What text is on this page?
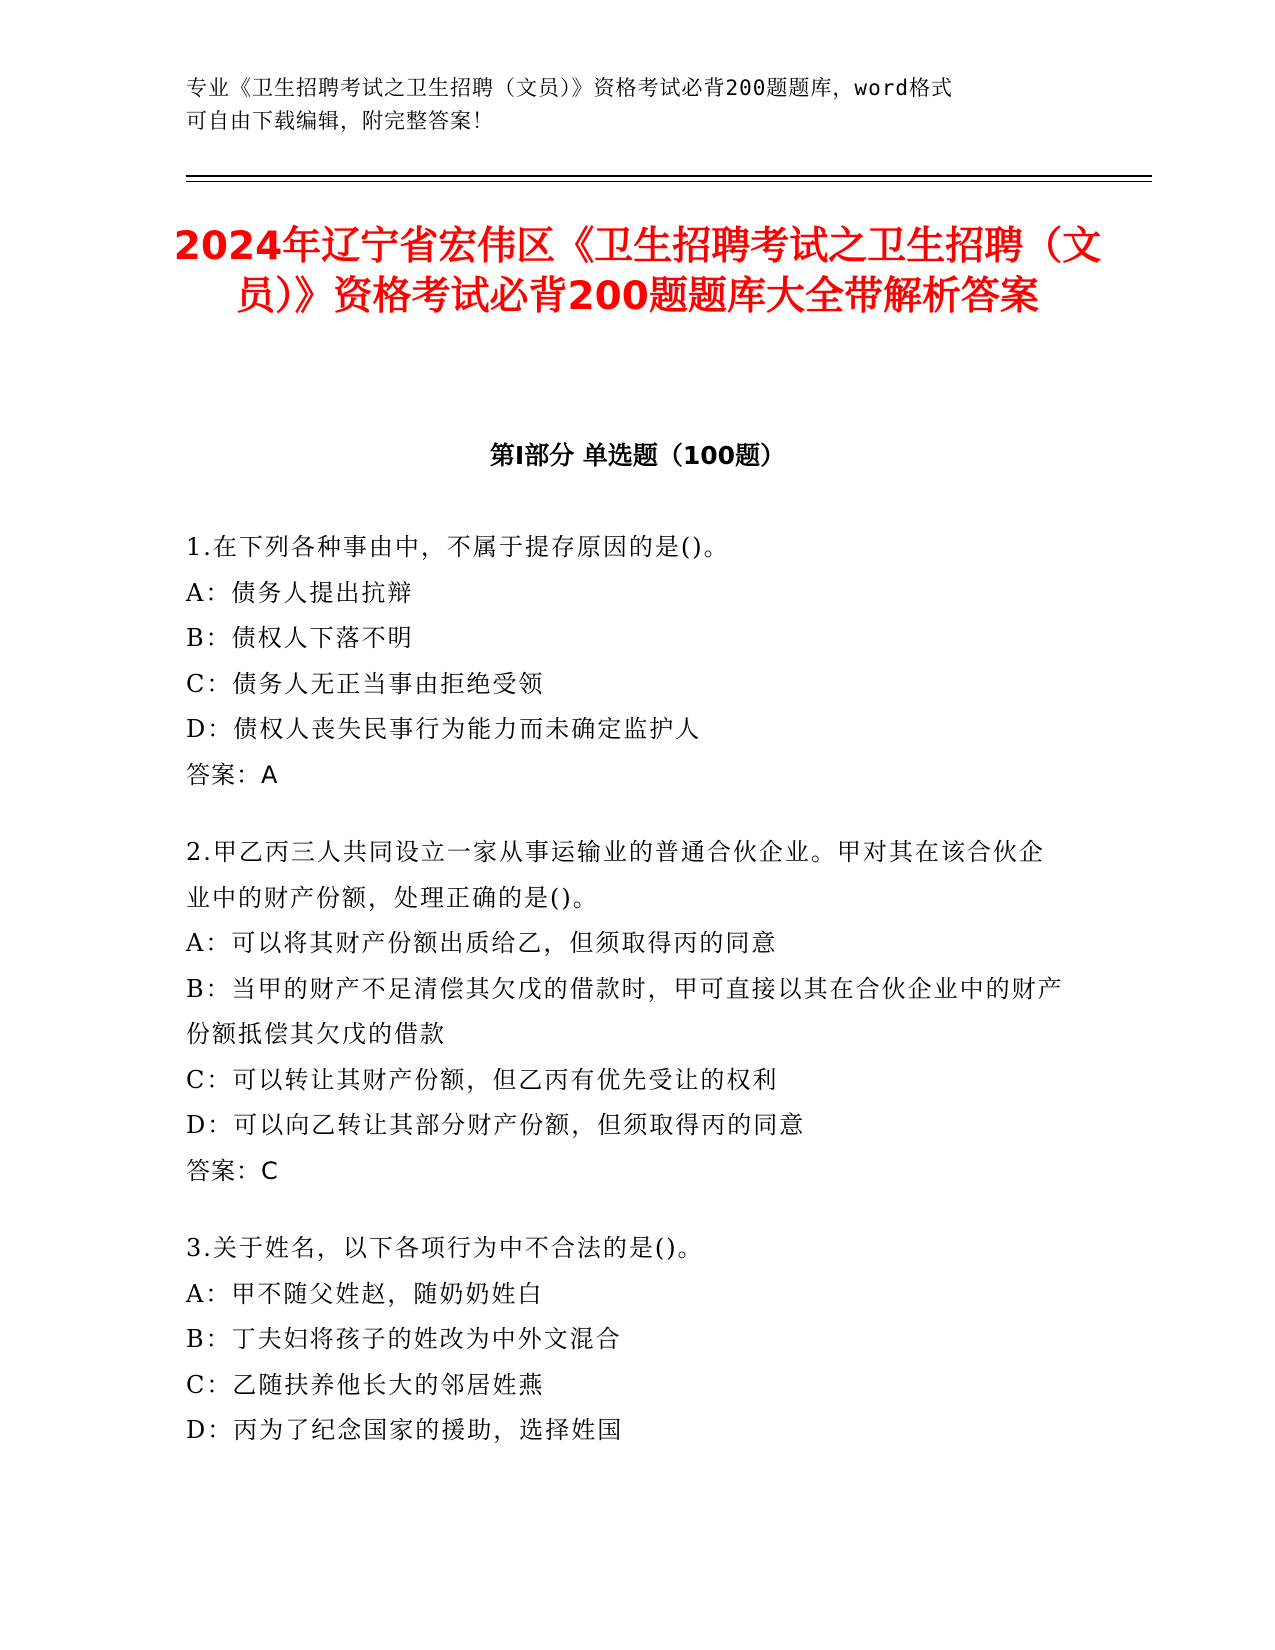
专业《卫生招聘考试之卫生招聘（文员）》资格考试必背200题题库，word格式
可自由下载编辑，附完整答案！
2024年辽宁省宏伟区《卫生招聘考试之卫生招聘（文员）》资格考试必背200题题库大全带解析答案
第Ⅰ部分 单选题（100题）
1.在下列各种事由中，不属于提存原因的是()。
A：债务人提出抗辩
B：债权人下落不明
C：债务人无正当事由拒绝受领
D：债权人丧失民事行为能力而未确定监护人
答案：A
2.甲乙丙三人共同设立一家从事运输业的普通合伙企业。甲对其在该合伙企业中的财产份额，处理正确的是()。
A：可以将其财产份额出质给乙，但须取得丙的同意
B：当甲的财产不足清偿其欠戊的借款时，甲可直接以其在合伙企业中的财产份额抵偿其欠戊的借款
C：可以转让其财产份额，但乙丙有优先受让的权利
D：可以向乙转让其部分财产份额，但须取得丙的同意
答案：C
3.关于姓名，以下各项行为中不合法的是()。
A：甲不随父姓赵，随奶奶姓白
B：丁夫妇将孩子的姓改为中外文混合
C：乙随扶养他长大的邻居姓燕
D：丙为了纪念国家的援助，选择姓国
